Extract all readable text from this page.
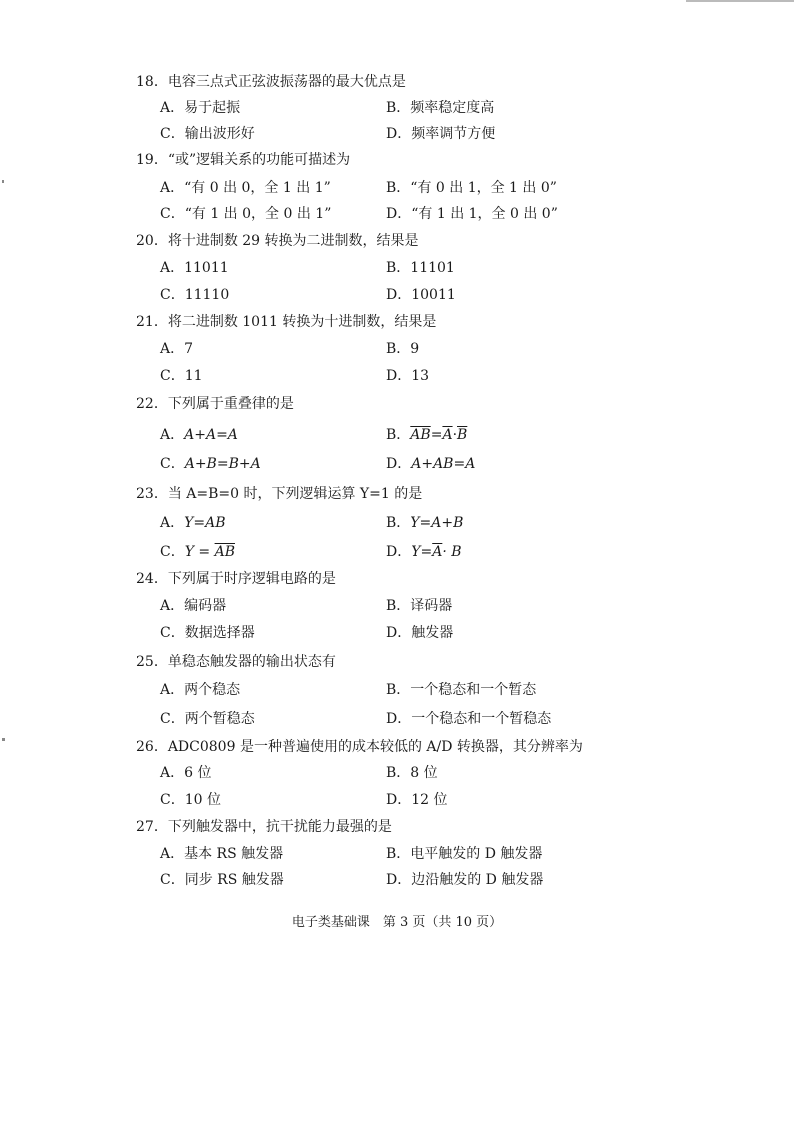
18．电容三点式正弦波振荡器的最大优点是
A．易于起振	B．频率稳定度高
C．输出波形好	D．频率调节方便
19．“或”逻辑关系的功能可描述为
A．“有 0 出 0，全 1 出 1”	B．“有 0 出 1，全 1 出 0”
C．“有 1 出 0，全 0 出 1”	D．“有 1 出 1，全 0 出 0”
20．将十进制数 29 转换为二进制数，结果是
A．11011	B．11101
C．11110	D．10011
21．将二进制数 1011 转换为十进制数，结果是
A．7	B．9
C．11	D．13
22．下列属于重叠律的是
A．A+A=A	B．$\overline{AB}=\overline{A}\cdot\overline{B}$
C．A+B=B+A	D．A+AB=A
23．当 A=B=0 时，下列逻辑运算 Y=1 的是
A．Y=AB	B．Y=A+B
C．$Y = \overline{AB}$	D．$Y=\overline{A}\cdot B$
24．下列属于时序逻辑电路的是
A．编码器	B．译码器
C．数据选择器	D．触发器
25．单稳态触发器的输出状态有
A．两个稳态	B．一个稳态和一个暂态
C．两个暂稳态	D．一个稳态和一个暂稳态
26．ADC0809 是一种普遍使用的成本较低的 A/D 转换器，其分辨率为
A．6 位	B．8 位
C．10 位	D．12 位
27．下列触发器中，抗干扰能力最强的是
A．基本 RS 触发器	B．电平触发的 D 触发器
C．同步 RS 触发器	D．边沿触发的 D 触发器
电子类基础课　第 3 页（共 10 页）
